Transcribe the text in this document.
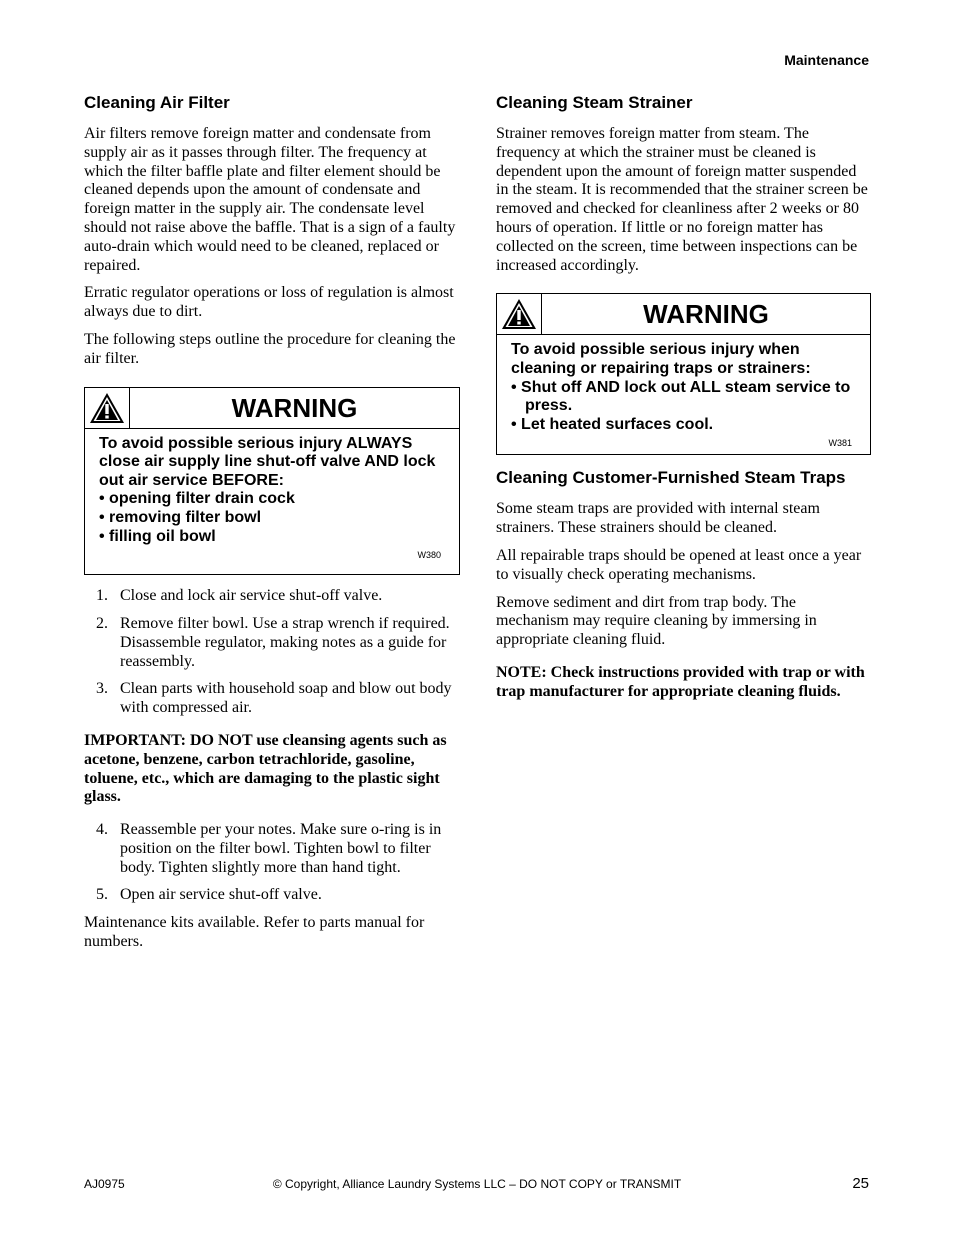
Maintenance
Cleaning Air Filter

Air filters remove foreign matter and condensate from supply air as it passes through filter. The frequency at which the filter baffle plate and filter element should be cleaned depends upon the amount of condensate and foreign matter in the supply air. The condensate level should not raise above the baffle. That is a sign of a faulty auto-drain which would need to be cleaned, replaced or repaired.

Erratic regulator operations or loss of regulation is almost always due to dirt.

The following steps outline the procedure for cleaning the air filter.

WARNING
To avoid possible serious injury ALWAYS close air supply line shut-off valve AND lock out air service BEFORE:
• opening filter drain cock
• removing filter bowl
• filling oil bowl
W380
1. Close and lock air service shut-off valve.
2. Remove filter bowl. Use a strap wrench if required. Disassemble regulator, making notes as a guide for reassembly.
3. Clean parts with household soap and blow out body with compressed air.

IMPORTANT: DO NOT use cleansing agents such as acetone, benzene, carbon tetrachloride, gasoline, toluene, etc., which are damaging to the plastic sight glass.

4. Reassemble per your notes. Make sure o-ring is in position on the filter bowl. Tighten bowl to filter body. Tighten slightly more than hand tight.
5. Open air service shut-off valve.

Maintenance kits available. Refer to parts manual for numbers.

Cleaning Steam Strainer

Strainer removes foreign matter from steam. The frequency at which the strainer must be cleaned is dependent upon the amount of foreign matter suspended in the steam. It is recommended that the strainer screen be removed and checked for cleanliness after 2 weeks or 80 hours of operation. If little or no foreign matter has collected on the screen, time between inspections can be increased accordingly.

WARNING
To avoid possible serious injury when cleaning or repairing traps or strainers:
• Shut off AND lock out ALL steam service to press.
• Let heated surfaces cool.
W381
Cleaning Customer-Furnished Steam Traps

Some steam traps are provided with internal steam strainers. These strainers should be cleaned.

All repairable traps should be opened at least once a year to visually check operating mechanisms.

Remove sediment and dirt from trap body. The mechanism may require cleaning by immersing in appropriate cleaning fluid.

NOTE: Check instructions provided with trap or with trap manufacturer for appropriate cleaning fluids.

AJ0975	© Copyright, Alliance Laundry Systems LLC – DO NOT COPY or TRANSMIT	25
